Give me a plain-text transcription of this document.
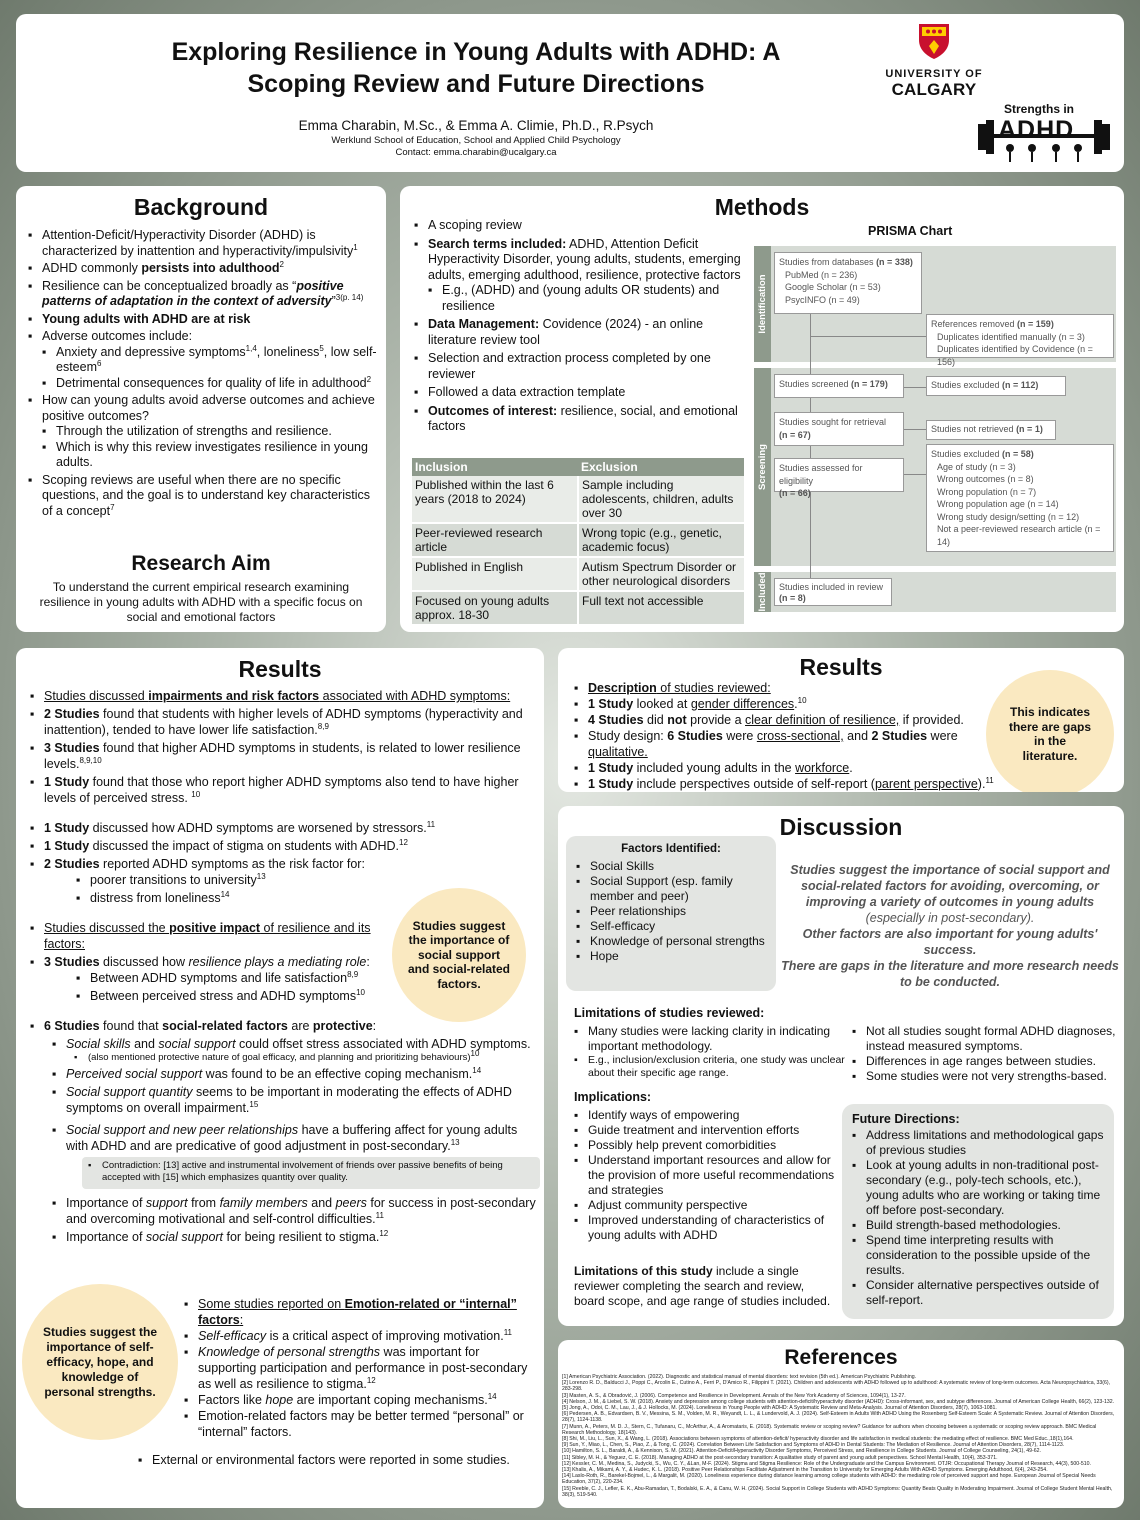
Exploring Resilience in Young Adults with ADHD: A
Scoping Review and Future Directions
Emma Charabin, M.Sc., & Emma A. Climie, Ph.D., R.Psych
Werklund School of Education, School and Applied Child Psychology
Contact: emma.charabin@ucalgary.ca
UNIVERSITY OF
CALGARY
Strengths in
ADHD
Background
▪ Attention-Deficit/Hyperactivity Disorder (ADHD) is characterized by inattention and hyperactivity/impulsivity$^1$
▪ ADHD commonly persists into adulthood$^2$
▪ Resilience can be conceptualized broadly as “positive patterns of adaptation in the context of adversity”$^{3(p. 14)}$
▪ Young adults with ADHD are at risk
▪ Adverse outcomes include:
▪ Anxiety and depressive symptoms$^{1,4}$, loneliness$^5$, low self-esteem$^6$
▪ Detrimental consequences for quality of life in adulthood$^2$
▪ How can young adults avoid adverse outcomes and achieve positive outcomes?
▪ Through the utilization of strengths and resilience.
▪ Which is why this review investigates resilience in young adults.
▪ Scoping reviews are useful when there are no specific questions, and the goal is to understand key characteristics of a concept$^7$
Research Aim
To understand the current empirical research examining resilience in young adults with ADHD with a specific focus on social and emotional factors
Methods
▪ A scoping review
▪ Search terms included: ADHD, Attention Deficit Hyperactivity Disorder, young adults, students, emerging adults, emerging adulthood, resilience, protective factors
▪ E.g., (ADHD) and (young adults OR students) and resilience
▪ Data Management: Covidence (2024) - an online literature review tool
▪ Selection and extraction process completed by one reviewer
▪ Followed a data extraction template
▪ Outcomes of interest: resilience, social, and emotional factors
Inclusion	Exclusion
Published within the last 6 years (2018 to 2024)	Sample including adolescents, children, adults over 30
Peer-reviewed research article	Wrong topic (e.g., genetic, academic focus)
Published in English	Autism Spectrum Disorder or other neurological disorders
Focused on young adults approx. 18-30	Full text not accessible
PRISMA Chart
Identification
Screening
Included
Studies from databases (n = 338)
PubMed (n = 236)
Google Scholar (n = 53)
PsycINFO (n = 49)
References removed (n = 159)
Duplicates identified manually (n = 3)
Duplicates identified by Covidence (n = 156)
Studies screened (n = 179)	Studies excluded (n = 112)
Studies sought for retrieval
(n = 67)
Studies not retrieved (n = 1)
Studies assessed for eligibility
(n = 66)
Studies excluded (n = 58)
Age of study (n = 3)
Wrong outcomes (n = 8)
Wrong population (n = 7)
Wrong population age (n = 14)
Wrong study design/setting (n = 12)
Not a peer-reviewed research article (n = 14)
Studies included in review
(n = 8)
Results
▪ Studies discussed impairments and risk factors associated with ADHD symptoms:
▪ 2 Studies found that students with higher levels of ADHD symptoms (hyperactivity and inattention), tended to have lower life satisfaction.$^{8,9}$
▪ 3 Studies found that higher ADHD symptoms in students, is related to lower resilience levels.$^{8,9,10}$
▪ 1 Study found that those who report higher ADHD symptoms also tend to have higher levels of perceived stress. $^{10}$
▪ 1 Study discussed how ADHD symptoms are worsened by stressors.$^{11}$
▪ 1 Study discussed the impact of stigma on students with ADHD.$^{12}$
▪ 2 Studies reported ADHD symptoms as the risk factor for:
▪ poorer transitions to university$^{13}$
▪ distress from loneliness$^{14}$
▪ Studies discussed the positive impact of resilience and its factors:
▪ 3 Studies discussed how resilience plays a mediating role:
▪ Between ADHD symptoms and life satisfaction$^{8,9}$
▪ Between perceived stress and ADHD symptoms$^{10}$
▪ 6 Studies found that social-related factors are protective:
▪ Social skills and social support could offset stress associated with ADHD symptoms.
▪ (also mentioned protective nature of goal efficacy, and planning and prioritizing behaviours)$^{10}$
▪ Perceived social support was found to be an effective coping mechanism.$^{14}$
▪ Social support quantity seems to be important in moderating the effects of ADHD symptoms on overall impairment.$^{15}$
▪ Social support and new peer relationships have a buffering affect for young adults with ADHD and are predicative of good adjustment in post-secondary.$^{13}$
▪ Contradiction: [13] active and instrumental involvement of friends over passive benefits of being accepted with [15] which emphasizes quantity over quality.
▪ Importance of support from family members and peers for success in post-secondary and overcoming motivational and self-control difficulties.$^{11}$
▪ Importance of social support for being resilient to stigma.$^{12}$
▪ Some studies reported on Emotion-related or “internal” factors:
▪ Self-efficacy is a critical aspect of improving motivation.$^{11}$
▪ Knowledge of personal strengths was important for supporting participation and performance in post-secondary as well as resilience to stigma.$^{12}$
▪ Factors like hope are important coping mechanisms.$^{14}$
▪ Emotion-related factors may be better termed “personal” or “internal” factors.
▪ External or environmental factors were reported in some studies.
Studies suggest the importance of social support and social-related factors.
Studies suggest the importance of self-efficacy, hope, and knowledge of personal strengths.
Results
▪ Description of studies reviewed:
▪ 1 Study looked at gender differences.$^{10}$
▪ 4 Studies did not provide a clear definition of resilience, if provided.
▪ Study design: 6 Studies were cross-sectional, and 2 Studies were qualitative.
▪ 1 Study included young adults in the workforce.
▪ 1 Study include perspectives outside of self-report (parent perspective).$^{11}$
This indicates there are gaps in the literature.
Discussion
Factors Identified:
▪ Social Skills
▪ Social Support (esp. family member and peer)
▪ Peer relationships
▪ Self-efficacy
▪ Knowledge of personal strengths
▪ Hope
Studies suggest the importance of social support and social-related factors for avoiding, overcoming, or improving a variety of outcomes in young adults
(especially in post-secondary).
Other factors are also important for young adults' success.
There are gaps in the literature and more research needs to be conducted.
Limitations of studies reviewed:
▪ Many studies were lacking clarity in indicating important methodology.
▪ E.g., inclusion/exclusion criteria, one study was unclear about their specific age range.
▪ Not all studies sought formal ADHD diagnoses, instead measured symptoms.
▪ Differences in age ranges between studies.
▪ Some studies were not very strengths-based.
Implications:
▪ Identify ways of empowering
▪ Guide treatment and intervention efforts
▪ Possibly help prevent comorbidities
▪ Understand important resources and allow for the provision of more useful recommendations and strategies
▪ Adjust community perspective
▪ Improved understanding of characteristics of young adults with ADHD
Limitations of this study include a single reviewer completing the search and review, board scope, and age range of studies included.
Future Directions:
▪ Address limitations and methodological gaps of previous studies
▪ Look at young adults in non-traditional post-secondary (e.g., poly-tech schools, etc.), young adults who are working or taking time off before post-secondary.
▪ Build strength-based methodologies.
▪ Spend time interpreting results with consideration to the possible upside of the results.
▪ Consider alternative perspectives outside of self-report.
References
[1] American Psychiatric Association. (2022). Diagnostic and statistical manual of mental disorders: text revision (5th ed.). American Psychiatric Publishing.
[2] Lorenzo R. D., Balducci J., Poppi C., Arcolin E., Cutino A., Ferri P., D'Amico R., Filippini T. (2021). Children and adolescents with ADHD followed up to adulthood: A systematic review of long-term outcomes. Acta Neuropsychiatrica, 33(6), 283-298.
[3] Masten, A. S., & Obradović, J. (2006). Competence and Resilience in Development. Annals of the New York Academy of Sciences, 1094(1), 13-27.
[4] Nelson, J. M., & Liebel, S. W. (2018). Anxiety and depression among college students with attention-deficit/hyperactivity disorder (ADHD): Cross-informant, sex, and subtype differences. Journal of American College Health, 66(2), 123-132.
[5] Jong, A., Odoi, C. M., Lau, J., & J. Hollocks, M. (2024). Loneliness in Young People with ADHD: A Systematic Review and Meta-Analysis. Journal of Attention Disorders, 28(7), 1063-1081.
[6] Pedersen, A. B., Edvardsen, B. V., Messina, S. M., Volden, M. R., Weyandt, L. L., & Lundervold, A. J. (2024). Self-Esteem in Adults With ADHD Using the Rosenberg Self-Esteem Scale: A Systematic Review. Journal of Attention Disorders, 28(7), 1124-1138.
[7] Munn, A., Peters, M. D. J., Stern, C., Tufanaru, C., McArthur, A., & Aromataris, E. (2018). Systematic review or scoping review? Guidance for authors when choosing between a systematic or scoping review approach. BMC Medical Research Methodology, 18(143).
[8] Shi, M., Liu, L., Sun, X., & Wang, L. (2018). Associations between symptoms of attention-deficit/ hyperactivity disorder and life satisfaction in medical students: the mediating effect of resilience. BMC Med Educ.,18(1),164.
[9] Sun, Y., Miao, L., Chen, S., Piao, Z., & Tong, C. (2024). Correlation Between Life Satisfaction and Symptoms of ADHD in Dental Students: The Mediation of Resilience. Journal of Attention Disorders, 28(7), 1114-1123.
[10] Hamilton, S. L., Baraldi, A., & Kennison, S. M. (2021). Attention-Deficit/Hyperactivity Disorder Symptoms, Perceived Stress, and Resilience in College Students. Journal of College Counseling, 24(1), 49-62.
[11] Sibley, M. H., & Yeguez, C. E. (2018). Managing ADHD at the post-secondary transition: A qualitative study of parent and young adult perspectives. School Mental Health, 10(4), 353-371.
[12] Kessler, C. M., Medina, S., Judycki, S., Wu, C. Y., &Lan, M-F. (2024). Stigma and Stigma Resilience: Role of the Undergraduate and the Campus Environment. OTJR: Occupational Therapy Journal of Research, 44(3), 500-510.
[13] Khalis, A., Mikami, A. Y., & Hudec, K. L. (2018). Positive Peer Relationships Facilitate Adjustment in the Transition to University for Emerging Adults With ADHD Symptoms. Emerging Adulthood, 6(4), 243-254.
[14] Laslo-Roth, R., Barekel-Bojmel, L., & Margalit, M. (2020). Loneliness experience during distance learning among college students with ADHD: the mediating role of perceived support and hope. European Journal of Special Needs Education, 37(2), 220-234.
[15] Reeble, C. J., Lefler, E. K., Abu-Ramadan, T., Bodalski, E. A., & Canu, W. H. (2024). Social Support in College Students with ADHD Symptoms: Quantity Beats Quality in Moderating Impairment. Journal of College Student Mental Health, 38(3), 519-540.
